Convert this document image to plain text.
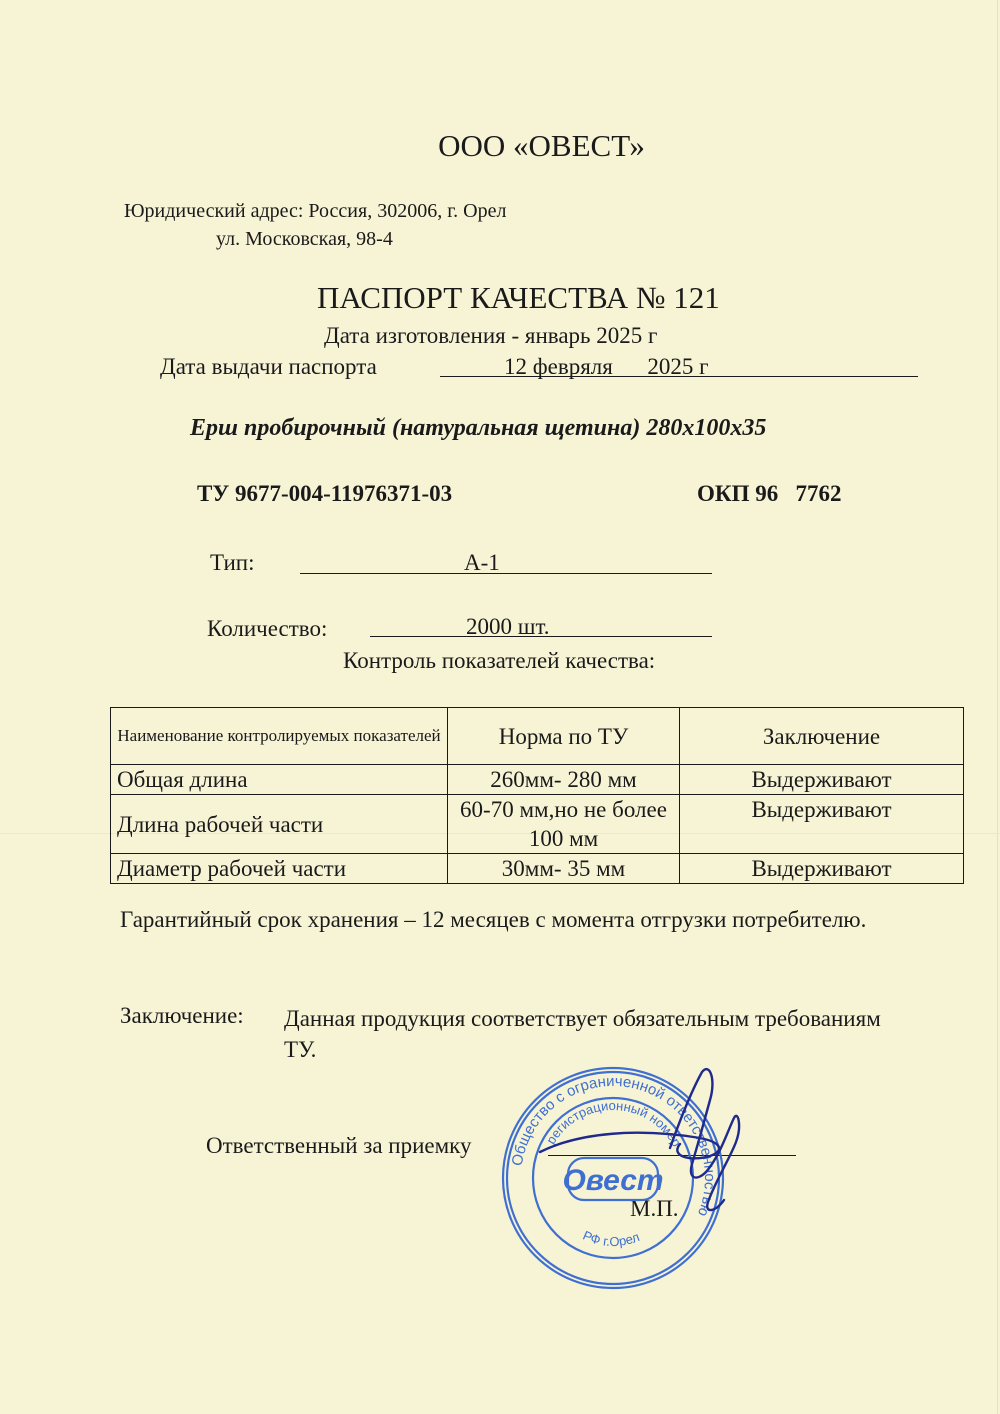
ООО «ОВЕСТ»
Юридический адрес: Россия, 302006, г. Орел
ул. Московская, 98-4
ПАСПОРТ КАЧЕСТВА № 121
Дата изготовления - январь 2025 г
Дата выдачи паспорта	12 февряля      2025 г
Ерш пробирочный (натуральная щетина) 280х100х35
ТУ 9677-004-11976371-03	ОКП 96   7762
Тип:	А-1
Количество:	2000 шт.
Контроль показателей качества:
Наименование контролируемых показателей	Норма по ТУ	Заключение
Общая длина	260мм- 280 мм	Выдерживают
Длина рабочей части	60-70 мм,но не более 100 мм	Выдерживают
Диаметр рабочей части	30мм- 35 мм	Выдерживают
Гарантийный срок хранения – 12 месяцев с момента отгрузки потребителю.
Заключение: Данная продукция соответствует обязательным требованиям ТУ.
Ответственный за приемку
М.П.
Общество с ограниченной ответственностью
регистрационный номер
Овест
РФ г.Орел
